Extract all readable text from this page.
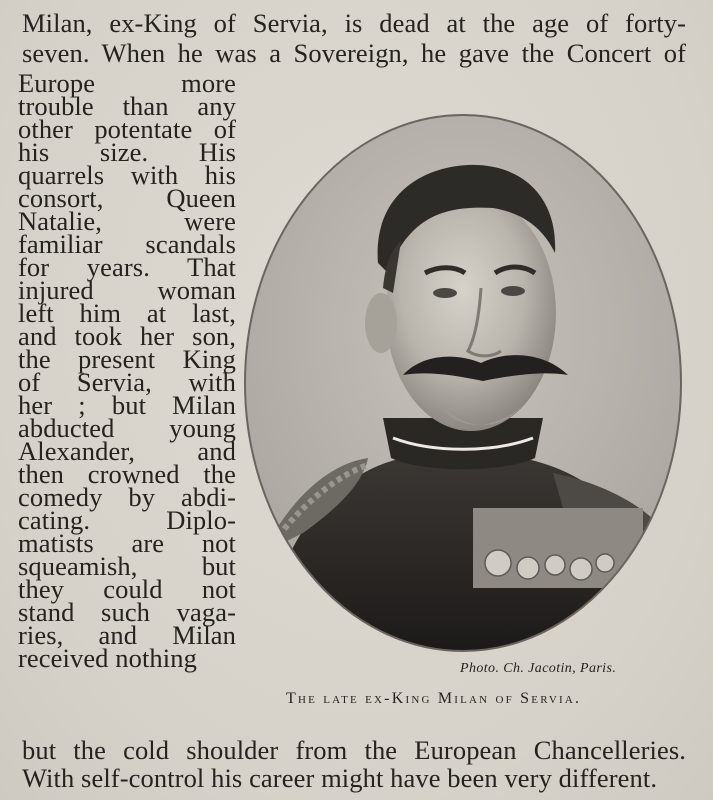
Milan, ex-King of Servia, is dead at the age of forty-
seven. When he was a Sovereign, he gave the Concert of
Europe more
trouble than any
other potentate of
his size. His
quarrels with his
consort, Queen
Natalie, were
familiar scandals
for years. That
injured woman
left him at last,
and took her son,
the present King
of Servia, with
her ; but Milan
abducted young
Alexander, and
then crowned the
comedy by abdi-
cating. Diplo-
matists are not
squeamish, but
they could not
stand such vaga-
ries, and Milan
received nothing
but the cold shoulder from the European Chancelleries.
With self-control his career might have been very different.
Photo. Ch. Jacotin, Paris.
The late ex-King Milan of Servia.
